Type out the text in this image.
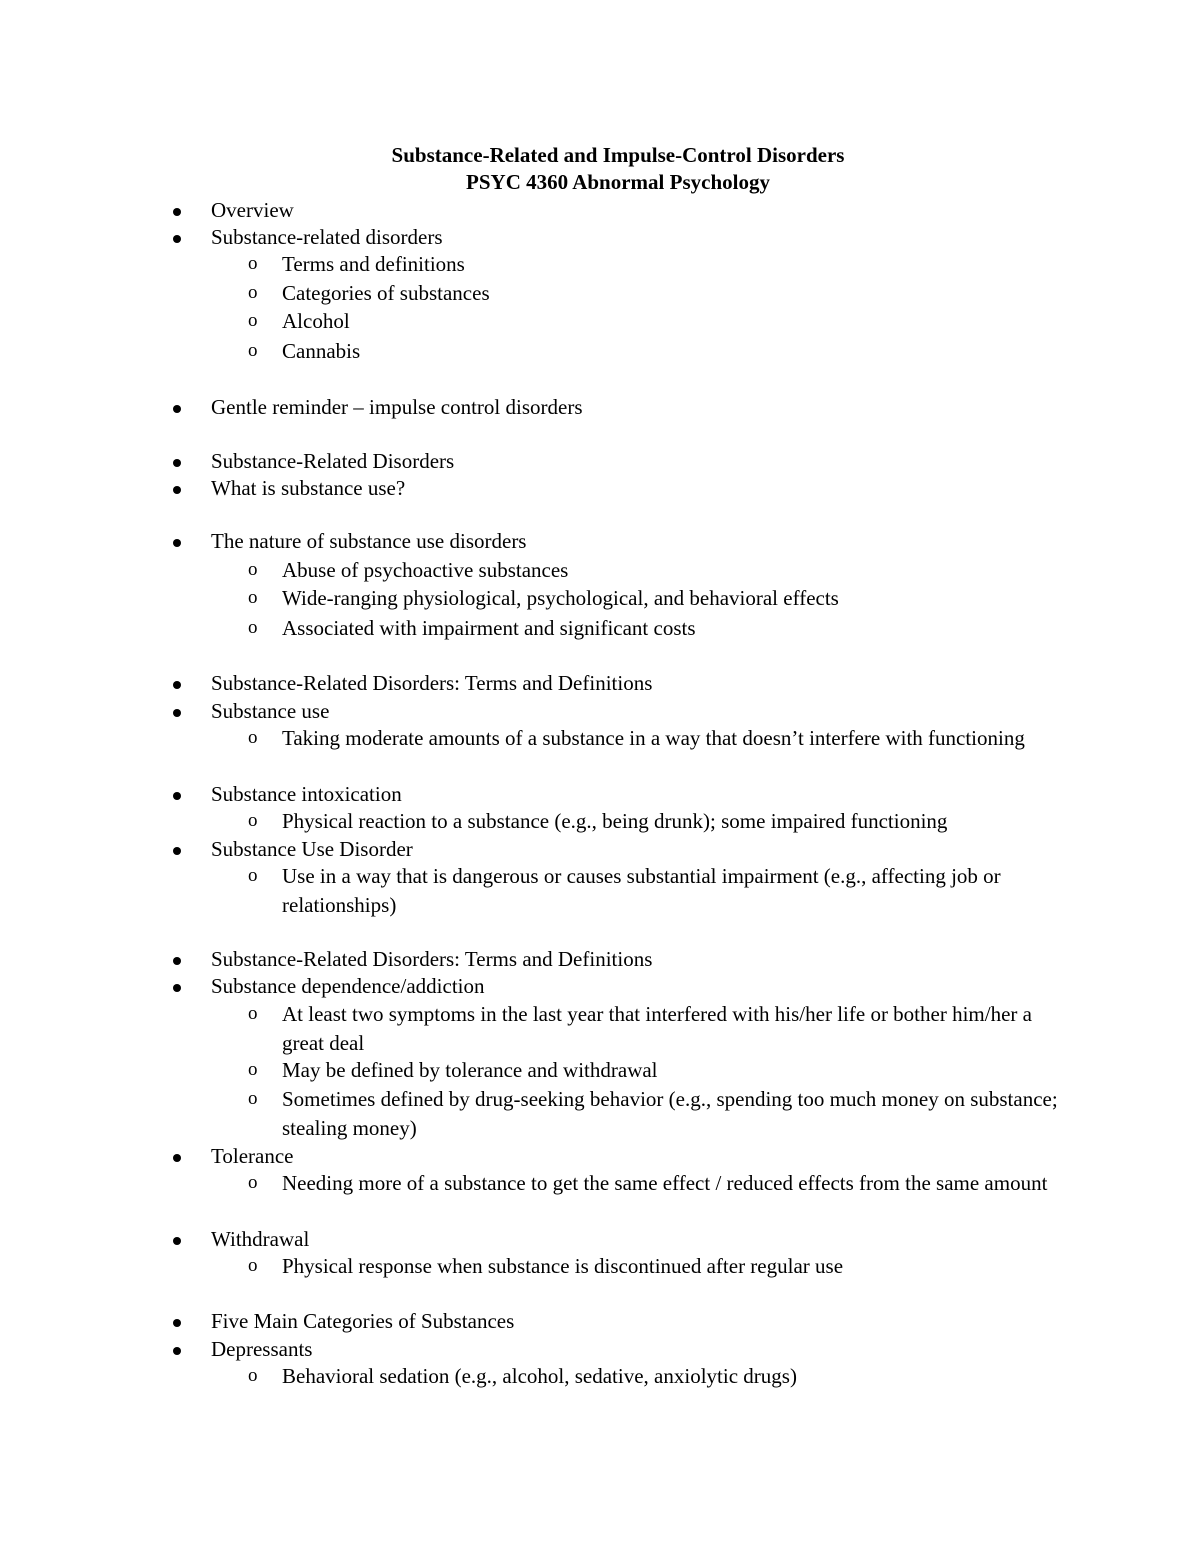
Substance-Related and Impulse-Control Disorders
PSYC 4360 Abnormal Psychology
Overview
Substance-related disorders
o Terms and definitions
o Categories of substances
o Alcohol
o Cannabis
Gentle reminder – impulse control disorders
Substance-Related Disorders
What is substance use?
The nature of substance use disorders
o Abuse of psychoactive substances
o Wide-ranging physiological, psychological, and behavioral effects
o Associated with impairment and significant costs
Substance-Related Disorders: Terms and Definitions
Substance use
o Taking moderate amounts of a substance in a way that doesn’t interfere with functioning
Substance intoxication
o Physical reaction to a substance (e.g., being drunk); some impaired functioning
Substance Use Disorder
o Use in a way that is dangerous or causes substantial impairment (e.g., affecting job or relationships)
Substance-Related Disorders: Terms and Definitions
Substance dependence/addiction
o At least two symptoms in the last year that interfered with his/her life or bother him/her a great deal
o May be defined by tolerance and withdrawal
o Sometimes defined by drug-seeking behavior (e.g., spending too much money on substance; stealing money)
Tolerance
o Needing more of a substance to get the same effect / reduced effects from the same amount
Withdrawal
o Physical response when substance is discontinued after regular use
Five Main Categories of Substances
Depressants
o Behavioral sedation (e.g., alcohol, sedative, anxiolytic drugs)
